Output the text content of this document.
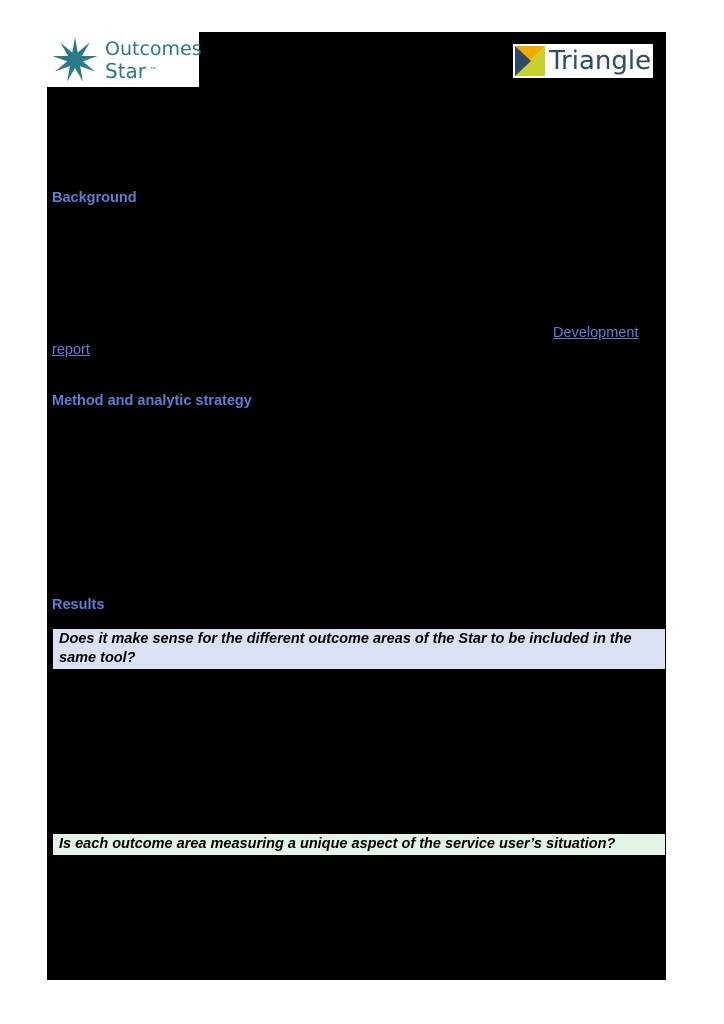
Outcomes
Star ™	Triangle
Background
Development
report
Method and analytic strategy
Results
Does it make sense for the different outcome areas of the Star to be included in the same tool?
Is each outcome area measuring a unique aspect of the service user’s situation?
